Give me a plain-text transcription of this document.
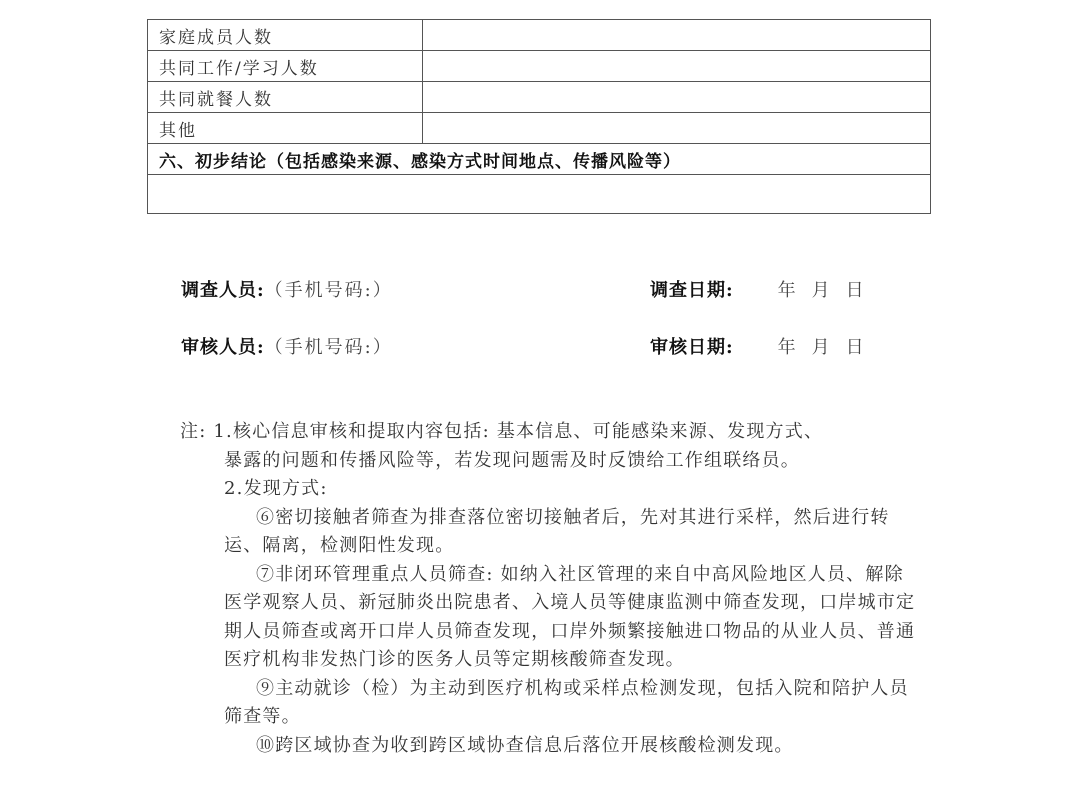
家庭成员人数	
共同工作/学习人数	
共同就餐人数	
其他	
六、初步结论（包括感染来源、感染方式时间地点、传播风险等）	

调查人员:（手机号码:）	调查日期: 年 月 日
审核人员:（手机号码:）	审核日期: 年 月 日

注: 1.核心信息审核和提取内容包括: 基本信息、可能感染来源、发现方式、

暴露的问题和传播风险等，若发现问题需及时反馈给工作组联络员。

2.发现方式:

⑥密切接触者筛查为排查落位密切接触者后，先对其进行采样，然后进行转运、隔离，检测阳性发现。

⑦非闭环管理重点人员筛查: 如纳入社区管理的来自中高风险地区人员、解除医学观察人员、新冠肺炎出院患者、入境人员等健康监测中筛查发现，口岸城市定期人员筛查或离开口岸人员筛查发现，口岸外频繁接触进口物品的从业人员、普通医疗机构非发热门诊的医务人员等定期核酸筛查发现。

⑨主动就诊（检）为主动到医疗机构或采样点检测发现，包括入院和陪护人员筛查等。

⑩跨区域协查为收到跨区域协查信息后落位开展核酸检测发现。
